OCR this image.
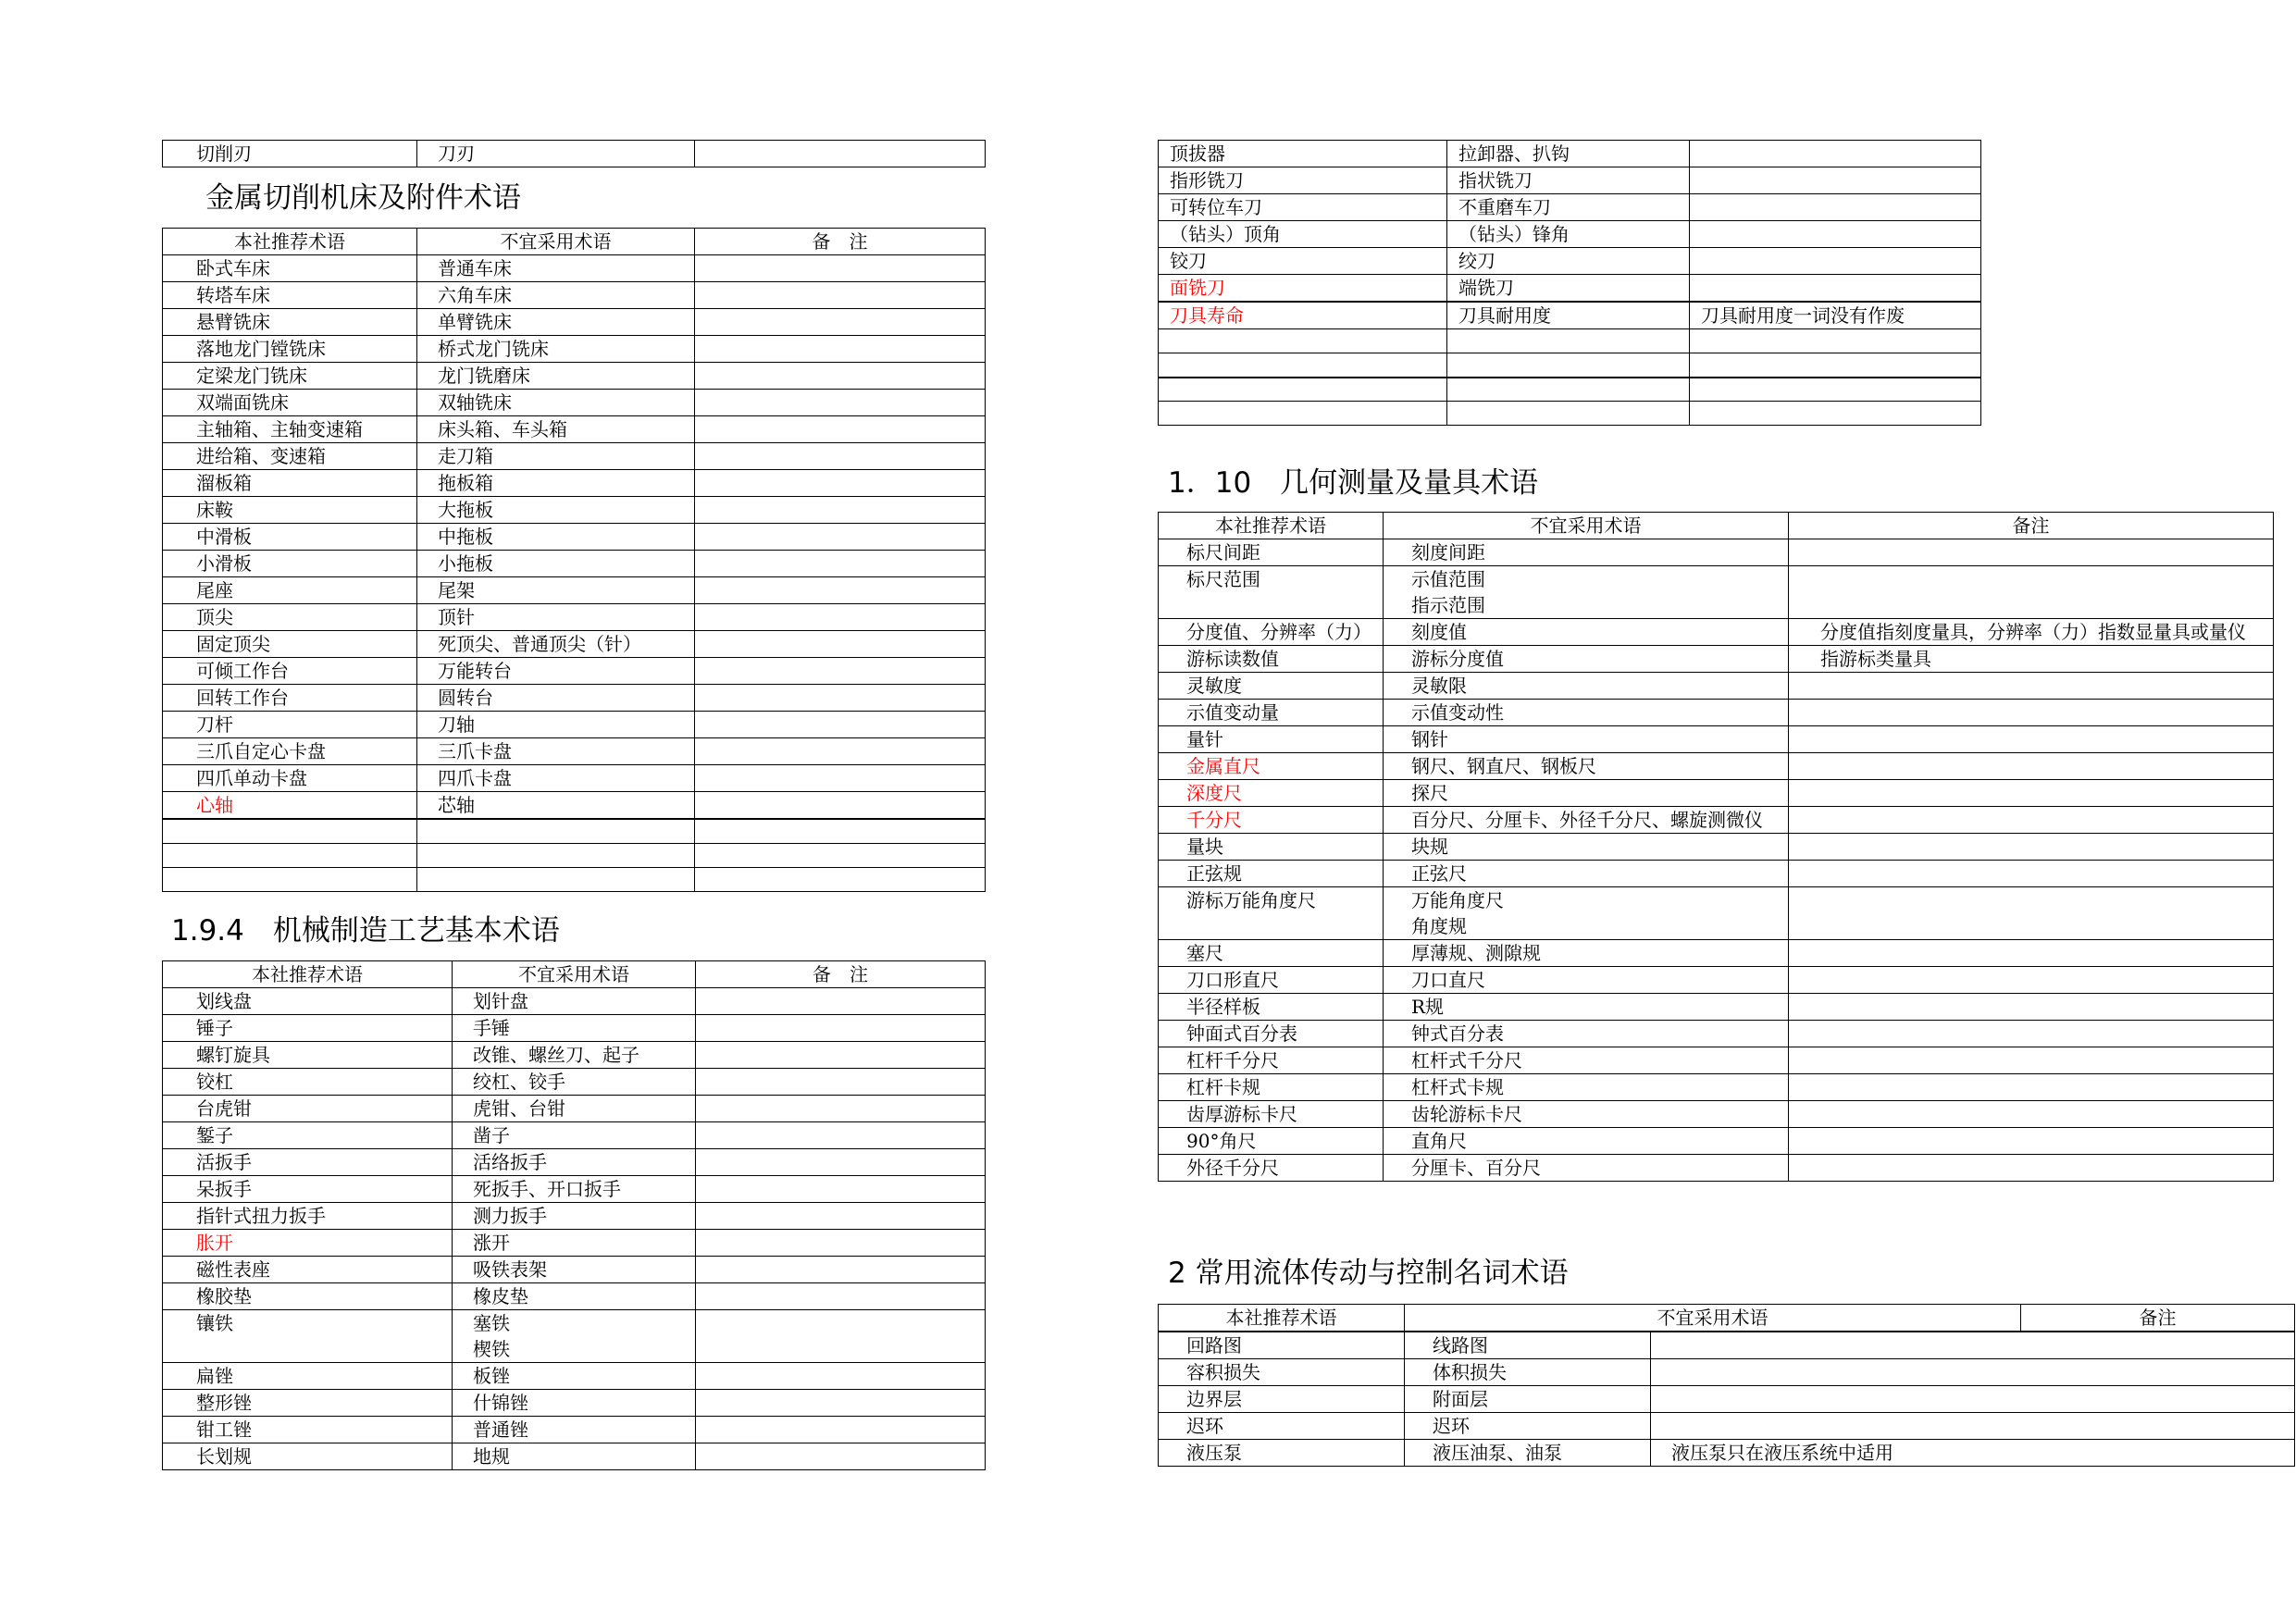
切削刃	刀刃	
金属切削机床及附件术语
本社推荐术语	不宜采用术语	备　注
卧式车床	普通车床	
转塔车床	六角车床	
悬臂铣床	单臂铣床	
落地龙门镗铣床	桥式龙门铣床	
定梁龙门铣床	龙门铣磨床	
双端面铣床	双轴铣床	
主轴箱、主轴变速箱	床头箱、车头箱	
进给箱、变速箱	走刀箱	
溜板箱	拖板箱	
床鞍	大拖板	
中滑板	中拖板	
小滑板	小拖板	
尾座	尾架	
顶尖	顶针	
固定顶尖	死顶尖、普通顶尖（针）	
可倾工作台	万能转台	
回转工作台	圆转台	
刀杆	刀轴	
三爪自定心卡盘	三爪卡盘	
四爪单动卡盘	四爪卡盘	
心轴	芯轴	

1.9.4　机械制造工艺基本术语
本社推荐术语	不宜采用术语	备　注
划线盘	划针盘	
锤子	手锤	
螺钉旋具	改锥、螺丝刀、起子	
铰杠	绞杠、铰手	
台虎钳	虎钳、台钳	
錾子	凿子	
活扳手	活络扳手	
呆扳手	死扳手、开口扳手	
指针式扭力扳手	测力扳手	
胀开	涨开	
磁性表座	吸铁表架	
橡胶垫	橡皮垫	
镶铁	塞铁
楔铁	

扁锉	板锉	
整形锉	什锦锉	
钳工锉	普通锉	
长划规	地规	
顶拔器	拉卸器、扒钩	
指形铣刀	指状铣刀	
可转位车刀	不重磨车刀	
（钻头）顶角	（钻头）锋角	
铰刀	绞刀	
面铣刀	端铣刀	
刀具寿命	刀具耐用度	刀具耐用度一词没有作废

1．10　几何测量及量具术语
本社推荐术语	不宜采用术语	备注
标尺间距	刻度间距	
标尺范围	示值范围
指示范围	

分度值、分辨率（力）	刻度值	分度值指刻度量具，分辨率（力）指数显量具或量仪
游标读数值	游标分度值	指游标类量具
灵敏度	灵敏限	
示值变动量	示值变动性	
量针	钢针	
金属直尺	钢尺、钢直尺、钢板尺	
深度尺	探尺	
千分尺	百分尺、分厘卡、外径千分尺、螺旋测微仪	
量块	块规	
正弦规	正弦尺	
游标万能角度尺	万能角度尺
角度规	

塞尺	厚薄规、测隙规	
刀口形直尺	刀口直尺	
半径样板	R规	
钟面式百分表	钟式百分表	
杠杆千分尺	杠杆式千分尺	
杠杆卡规	杠杆式卡规	
齿厚游标卡尺	齿轮游标卡尺	
90°角尺	直角尺	
外径千分尺	分厘卡、百分尺	
2 常用流体传动与控制名词术语
本社推荐术语	不宜采用术语	备注
回路图	线路图	
容积损失	体积损失	
边界层	附面层	
迟环	迟环	
液压泵	液压油泵、油泵	液压泵只在液压系统中适用
